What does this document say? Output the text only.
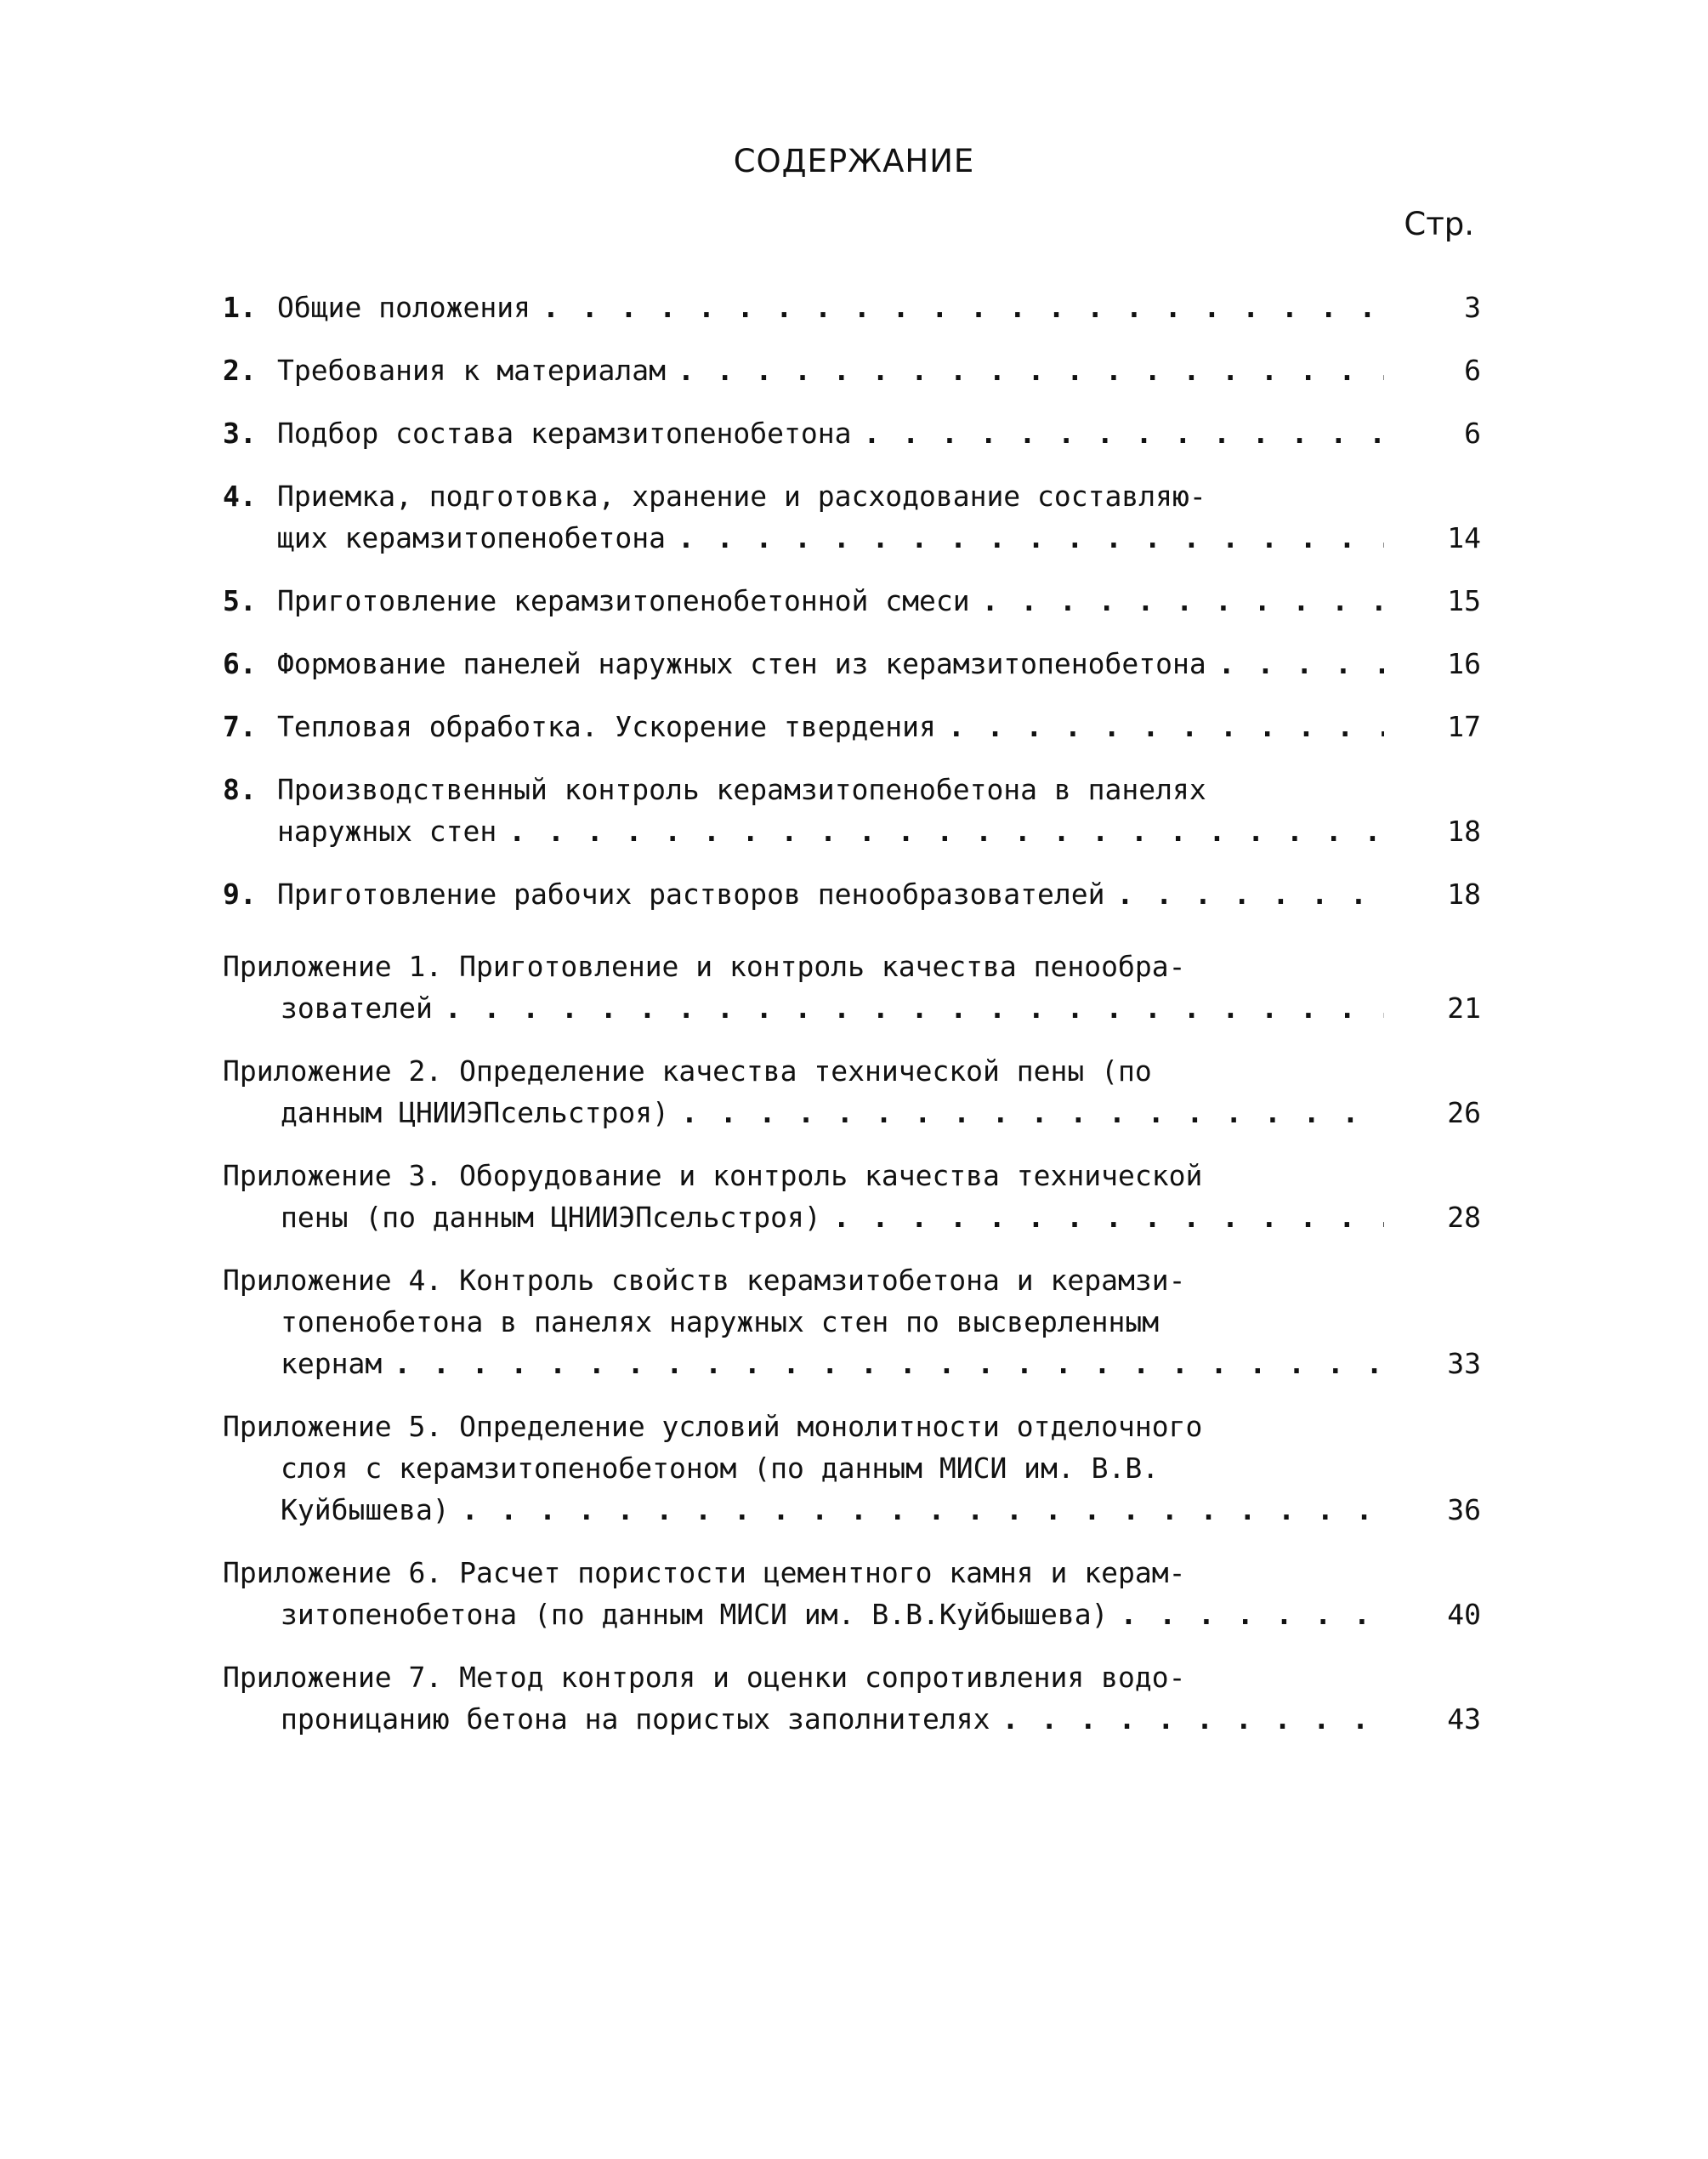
СОДЕРЖАНИЕ
Стр.
1. Общие положения . . .	3
2. Требования к материалам . . .	6
3. Подбор состава керамзитопенобетона . . .	6
4. Приемка, подготовка, хранение и расходование составляю-
щих керамзитопенобетона . . .	14
5. Приготовление керамзитопенобетонной смеси . . .	15
6. Формование панелей наружных стен из керамзитопенобетона . . .	16
7. Тепловая обработка. Ускорение твердения . . .	17
8. Производственный контроль керамзитопенобетона в панелях
наружных стен . . .	18
9. Приготовление рабочих растворов пенообразователей . . .	18
Приложение 1. Приготовление и контроль качества пенообра-
зователей . . .	21
Приложение 2. Определение качества технической пены (по
данным ЦНИИЭПсельстроя) . . .	26
Приложение 3. Оборудование и контроль качества технической
пены (по данным ЦНИИЭПсельстроя) . . .	28
Приложение 4. Контроль свойств керамзитобетона и керамзи-
топенобетона в панелях наружных стен по высверленным
кернам . . .	33
Приложение 5. Определение условий монолитности отделочного
слоя с керамзитопенобетоном (по данным МИСИ им. В.В.
Куйбышева) . . .	36
Приложение 6. Расчет пористости цементного камня и керам-
зитопенобетона (по данным МИСИ им. В.В.Куйбышева) . . .	40
Приложение 7. Метод контроля и оценки сопротивления водо-
проницанию бетона на пористых заполнителях . . .	43
